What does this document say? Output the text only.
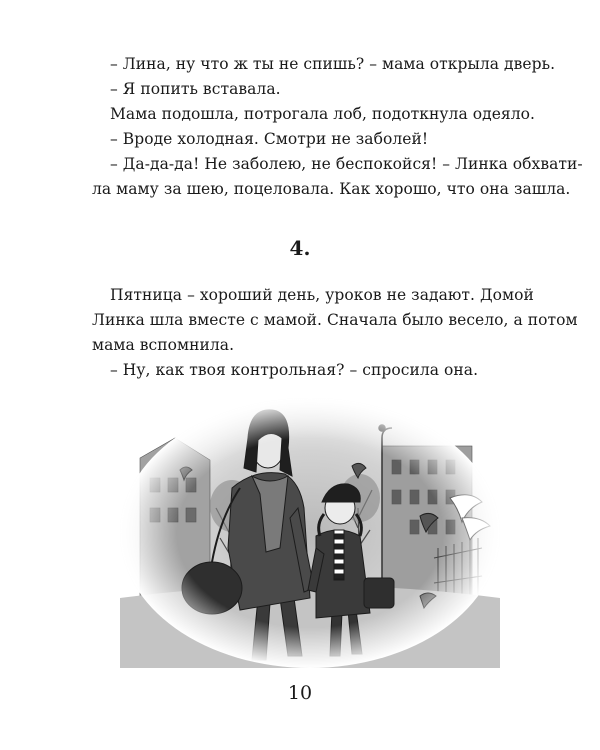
– Лина, ну что ж ты не спишь? – мама открыла дверь.
– Я попить вставала.
Мама подошла, потрогала лоб, подоткнула одеяло.
– Вроде холодная. Смотри не заболей!
– Да-да-да! Не заболею, не беспокойся! – Линка обхвати-
ла маму за шею, поцеловала. Как хорошо, что она зашла.
4.
Пятница – хороший день, уроков не задают. Домой
Линка шла вместе с мамой. Сначала было весело, а потом
мама вспомнила.
– Ну, как твоя контрольная? – спросила она.
10
